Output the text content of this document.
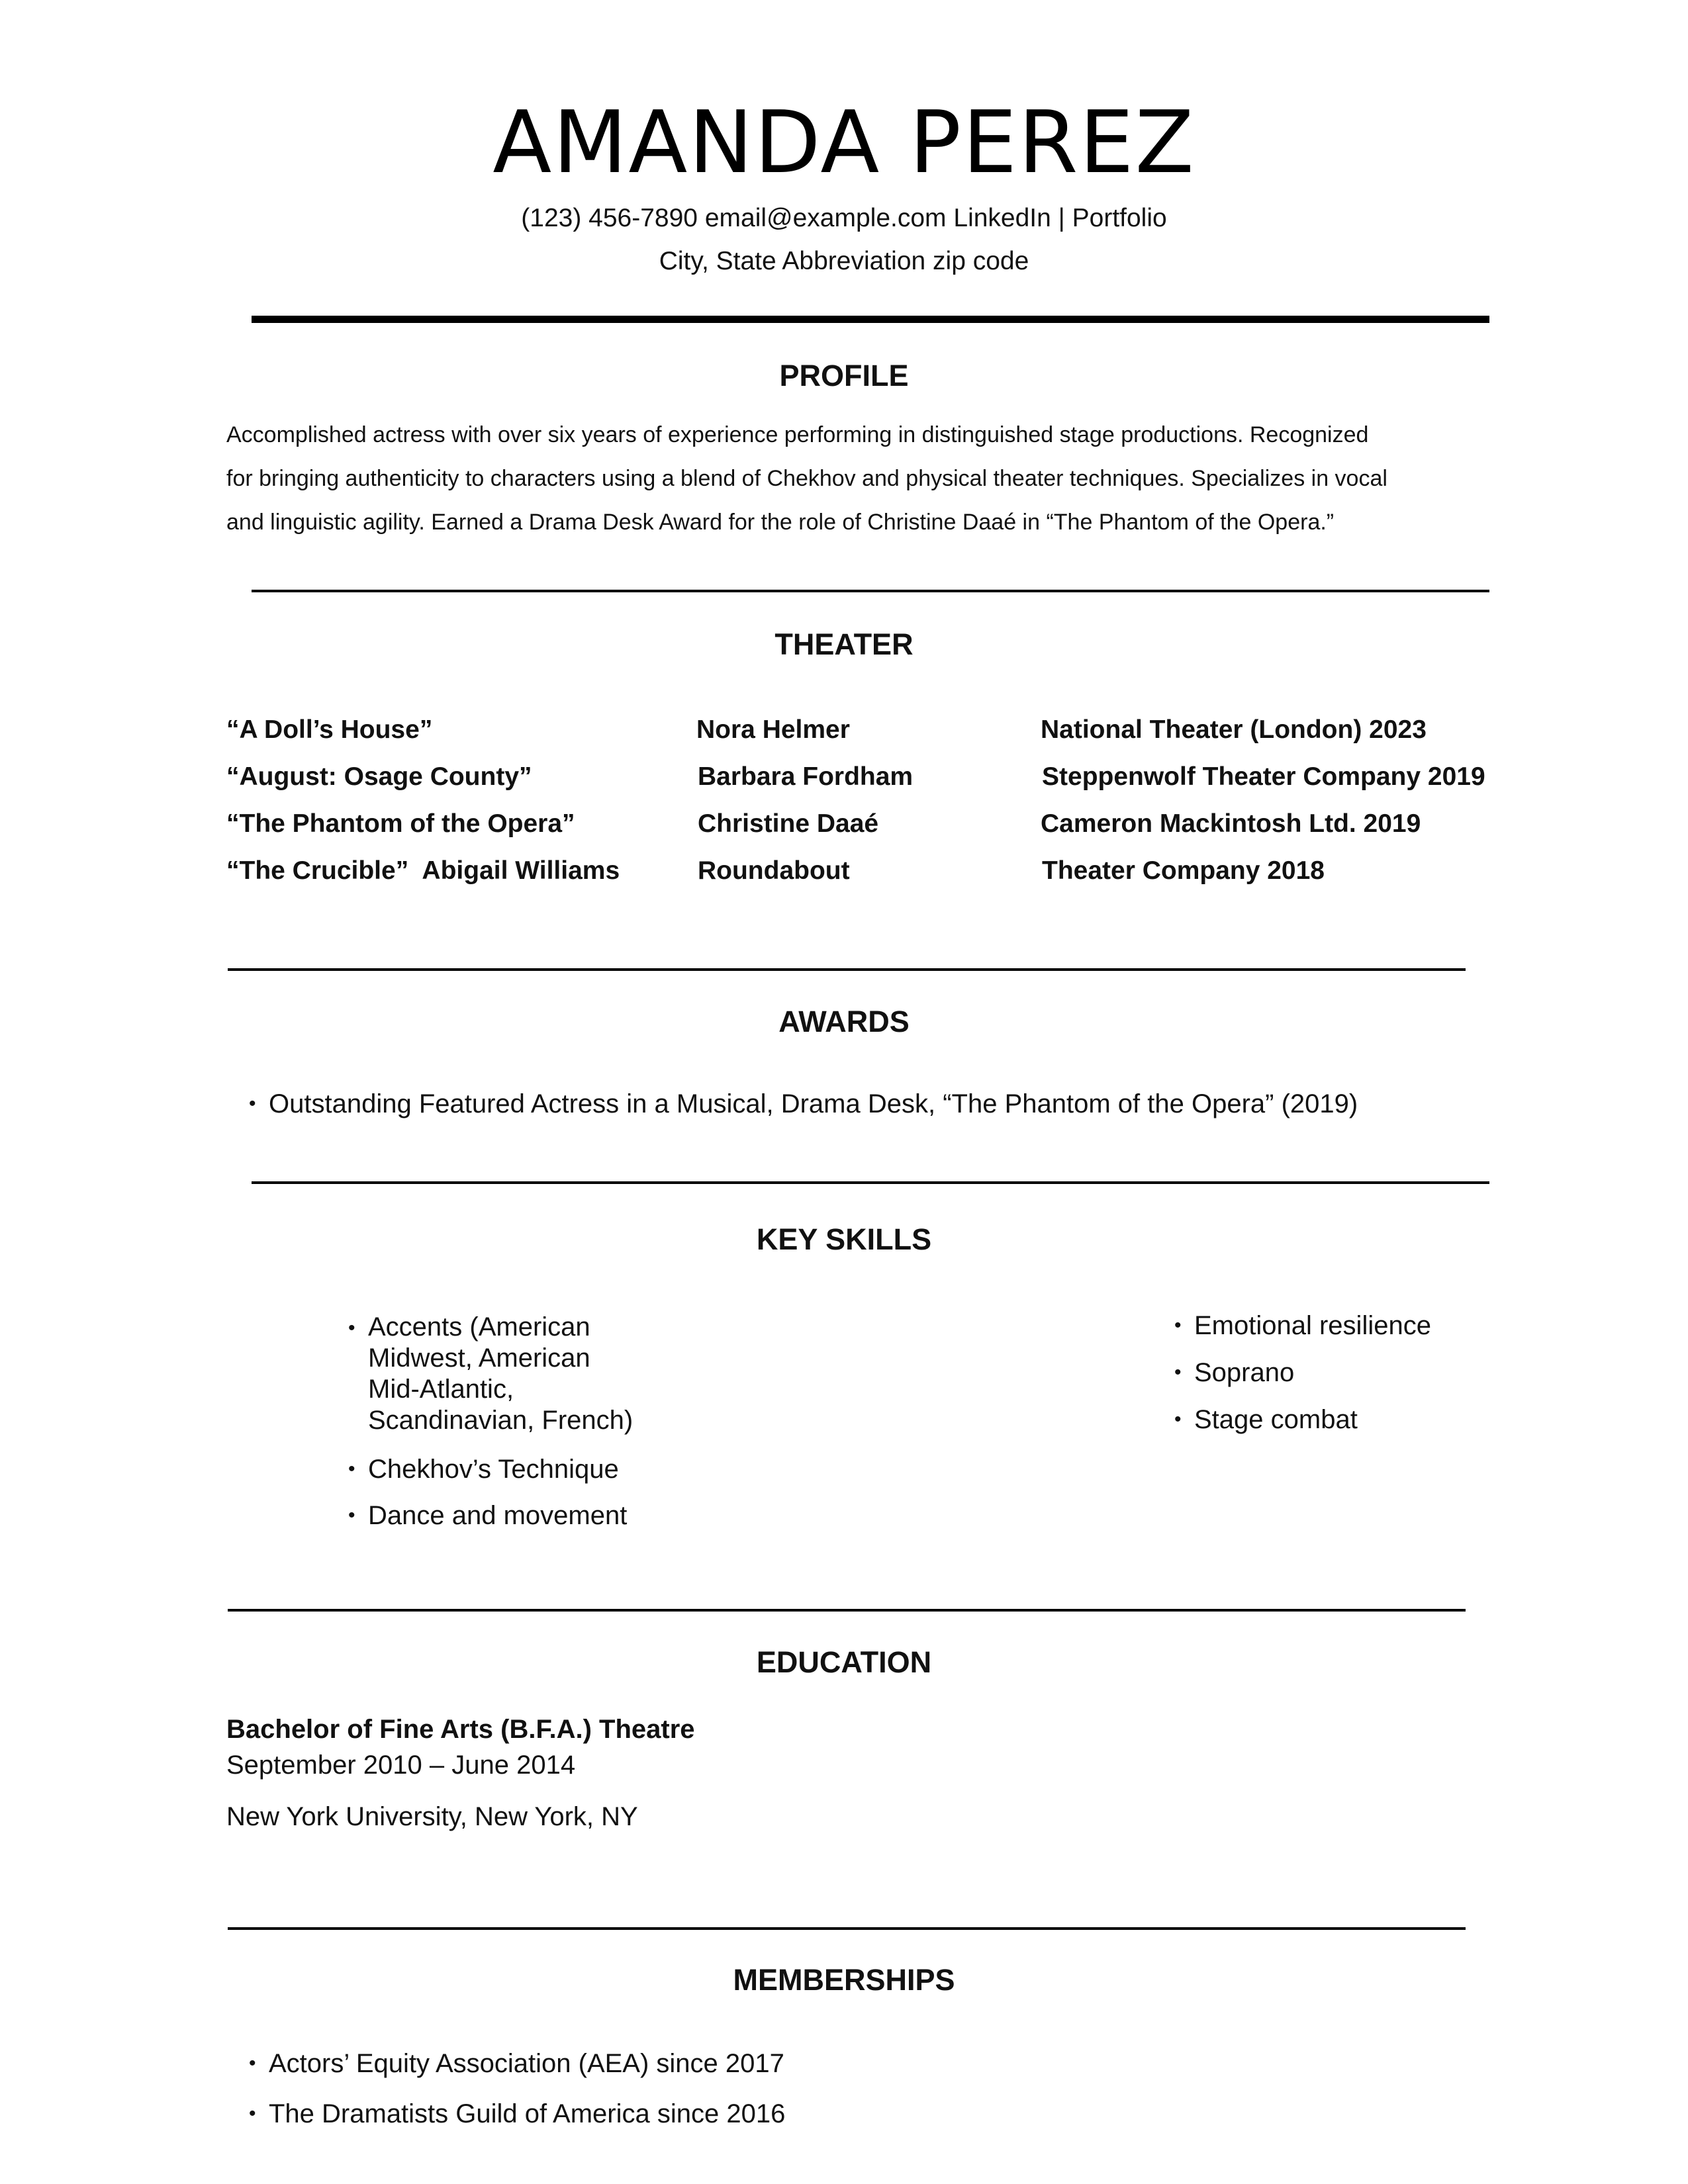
AMANDA PEREZ
(123) 456-7890 email@example.com LinkedIn | Portfolio
City, State Abbreviation zip code
PROFILE
Accomplished actress with over six years of experience performing in distinguished stage productions. Recognized
for bringing authenticity to characters using a blend of Chekhov and physical theater techniques. Specializes in vocal
and linguistic agility. Earned a Drama Desk Award for the role of Christine Daaé in “The Phantom of the Opera.”
THEATER
“A Doll’s House”	Nora Helmer	National Theater (London) 2023
“August: Osage County”	Barbara Fordham	Steppenwolf Theater Company 2019
“The Phantom of the Opera”	Christine Daaé	Cameron Mackintosh Ltd. 2019
“The Crucible”  Abigail Williams	Roundabout	Theater Company 2018
AWARDS
• Outstanding Featured Actress in a Musical, Drama Desk, “The Phantom of the Opera” (2019)
KEY SKILLS
• Accents (American
Midwest, American
Mid-Atlantic,
Scandinavian, French)
• Chekhov’s Technique
• Dance and movement
• Emotional resilience
• Soprano
• Stage combat
EDUCATION
Bachelor of Fine Arts (B.F.A.) Theatre
September 2010 – June 2014
New York University, New York, NY
MEMBERSHIPS
• Actors’ Equity Association (AEA) since 2017
• The Dramatists Guild of America since 2016
